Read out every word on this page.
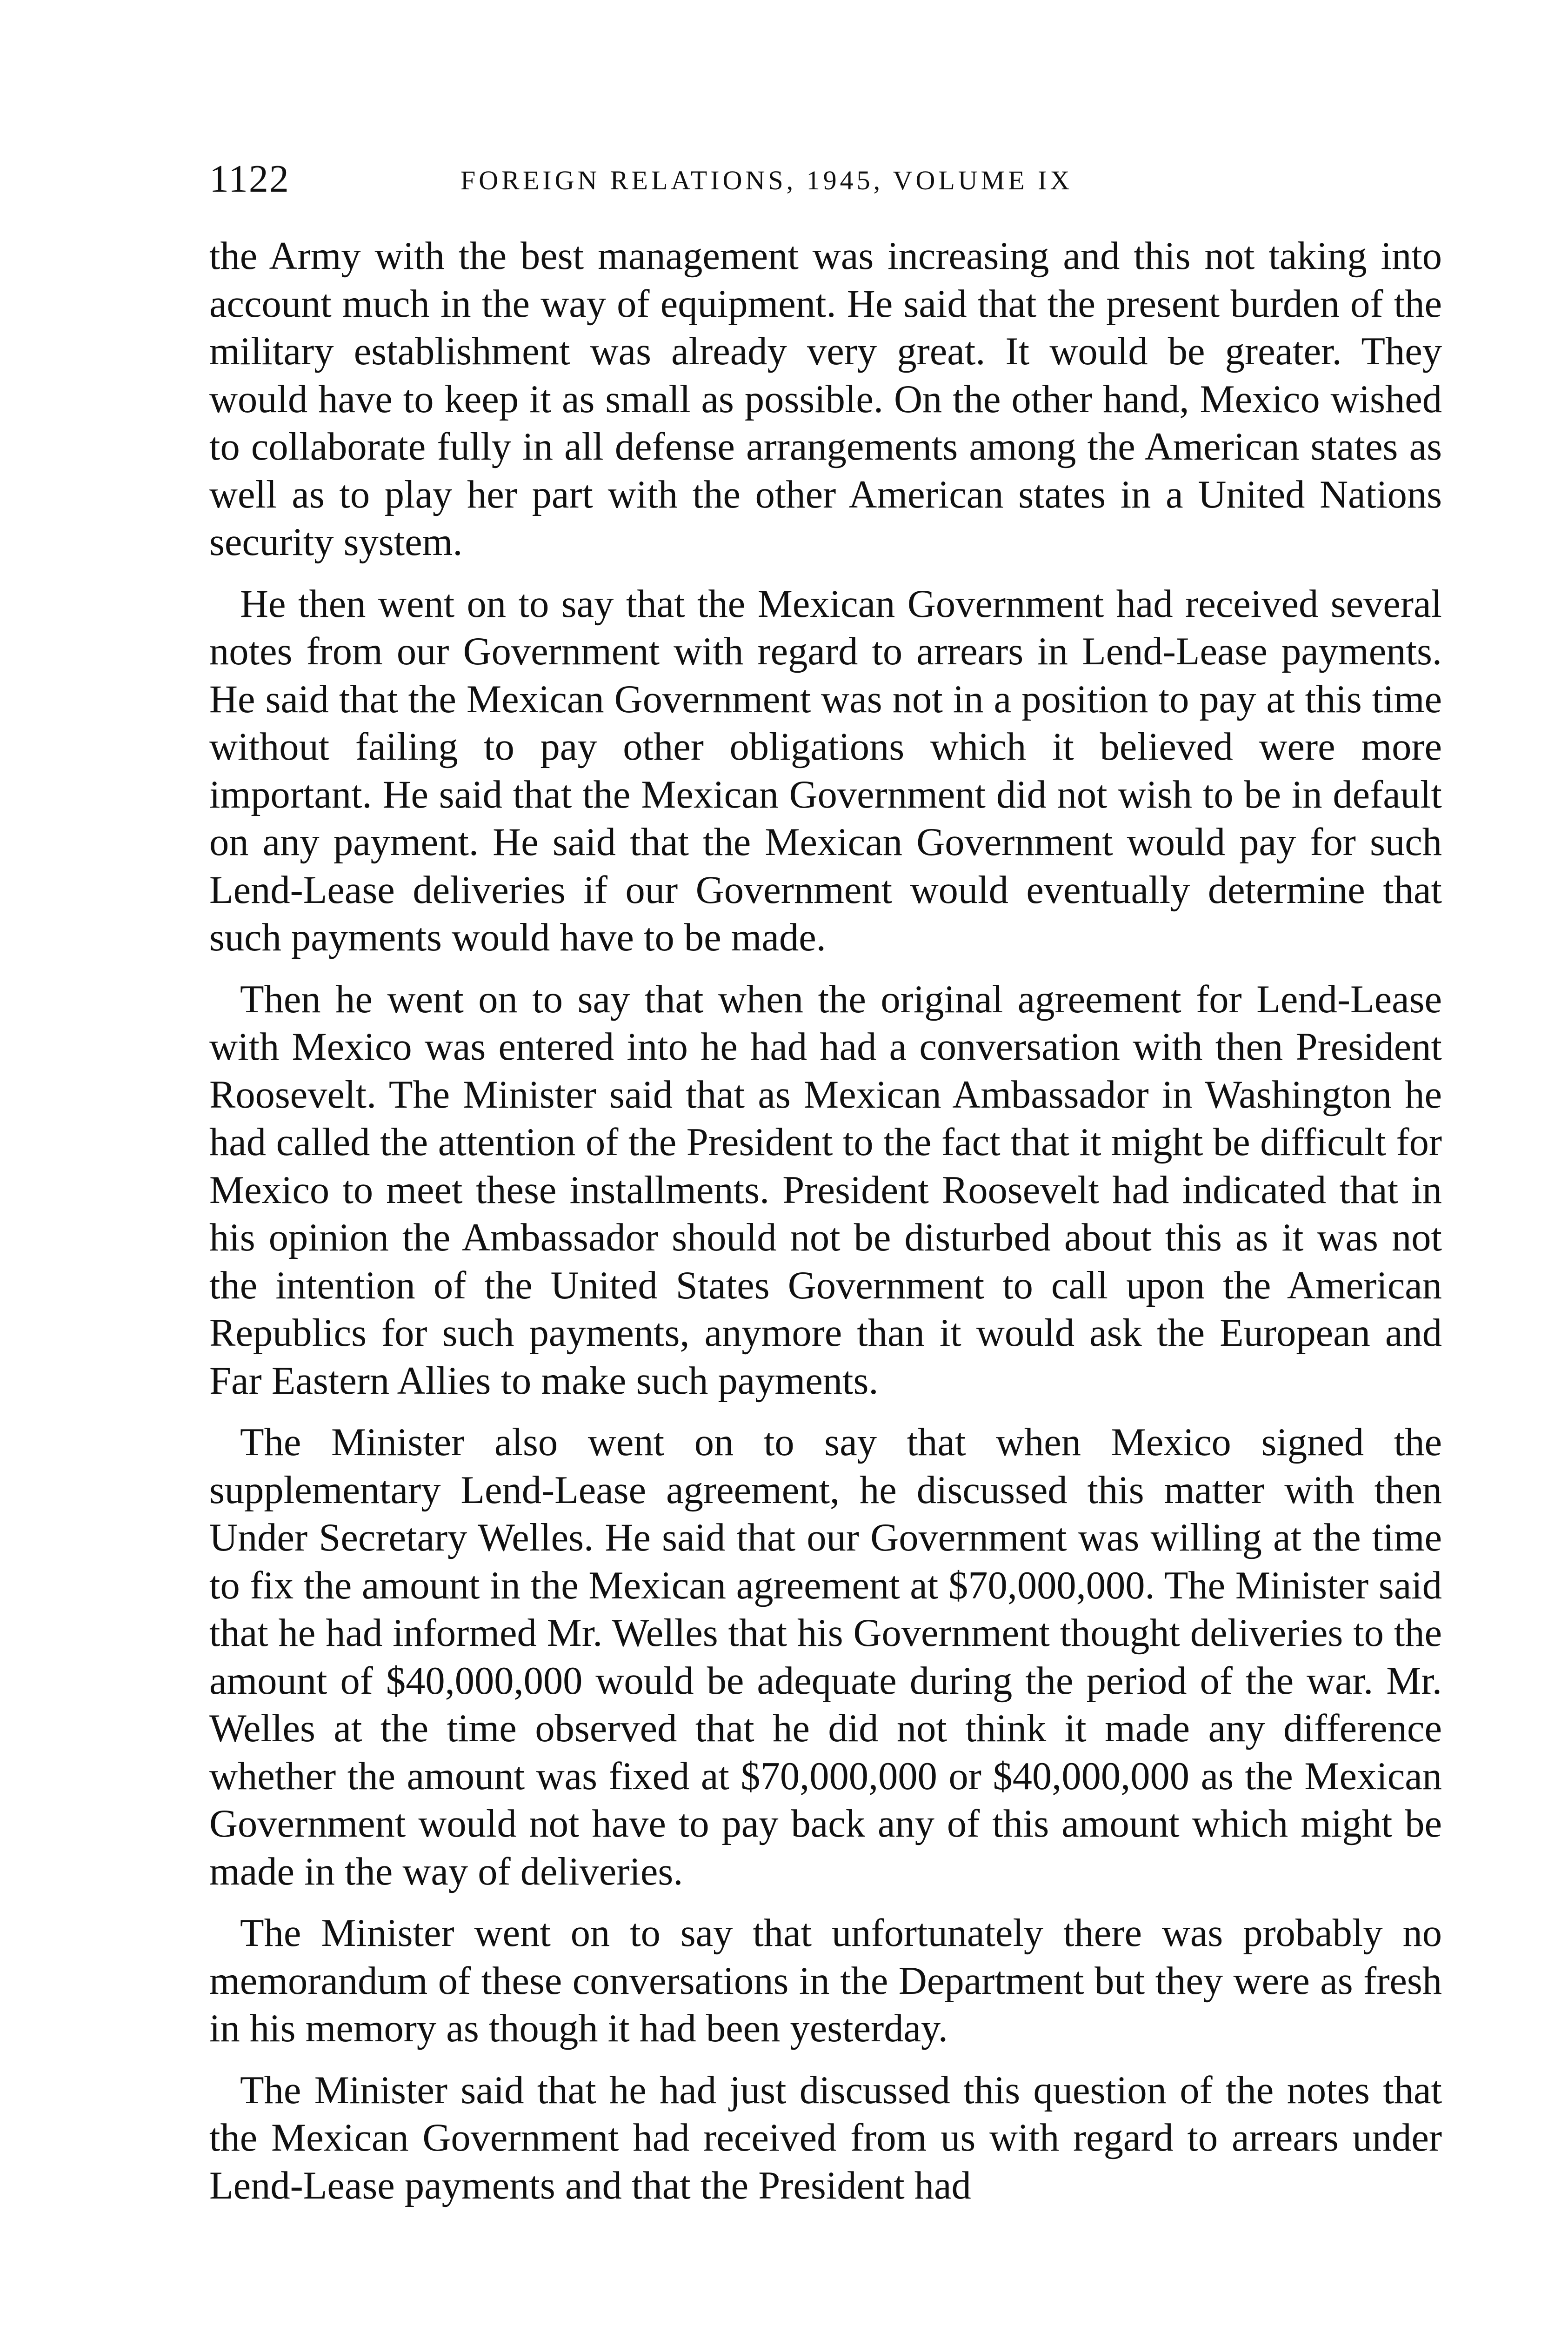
1122	FOREIGN RELATIONS, 1945, VOLUME IX

the Army with the best management was increasing and this not taking into account much in the way of equipment. He said that the present burden of the military establishment was already very great. It would be greater. They would have to keep it as small as possible. On the other hand, Mexico wished to collaborate fully in all defense arrangements among the American states as well as to play her part with the other American states in a United Nations security system.

He then went on to say that the Mexican Government had received several notes from our Government with regard to arrears in Lend‑Lease payments. He said that the Mexican Government was not in a position to pay at this time without failing to pay other obligations which it believed were more important. He said that the Mexican Government did not wish to be in default on any payment. He said that the Mexican Government would pay for such Lend-Lease deliveries if our Government would eventually determine that such payments would have to be made.

Then he went on to say that when the original agreement for Lend‑Lease with Mexico was entered into he had had a conversation with then President Roosevelt. The Minister said that as Mexican Ambassador in Washington he had called the attention of the President to the fact that it might be difficult for Mexico to meet these installments. President Roosevelt had indicated that in his opinion the Ambassador should not be disturbed about this as it was not the intention of the United States Government to call upon the American Republics for such payments, anymore than it would ask the European and Far Eastern Allies to make such payments.

The Minister also went on to say that when Mexico signed the supplementary Lend-Lease agreement, he discussed this matter with then Under Secretary Welles. He said that our Government was willing at the time to fix the amount in the Mexican agreement at $70,000,000. The Minister said that he had informed Mr. Welles that his Government thought deliveries to the amount of $40,000,000 would be adequate during the period of the war. Mr. Welles at the time observed that he did not think it made any difference whether the amount was fixed at $70,000,000 or $40,000,000 as the Mexican Government would not have to pay back any of this amount which might be made in the way of deliveries.

The Minister went on to say that unfortunately there was probably no memorandum of these conversations in the Department but they were as fresh in his memory as though it had been yesterday.

The Minister said that he had just discussed this question of the notes that the Mexican Government had received from us with regard to arrears under Lend-Lease payments and that the President had
